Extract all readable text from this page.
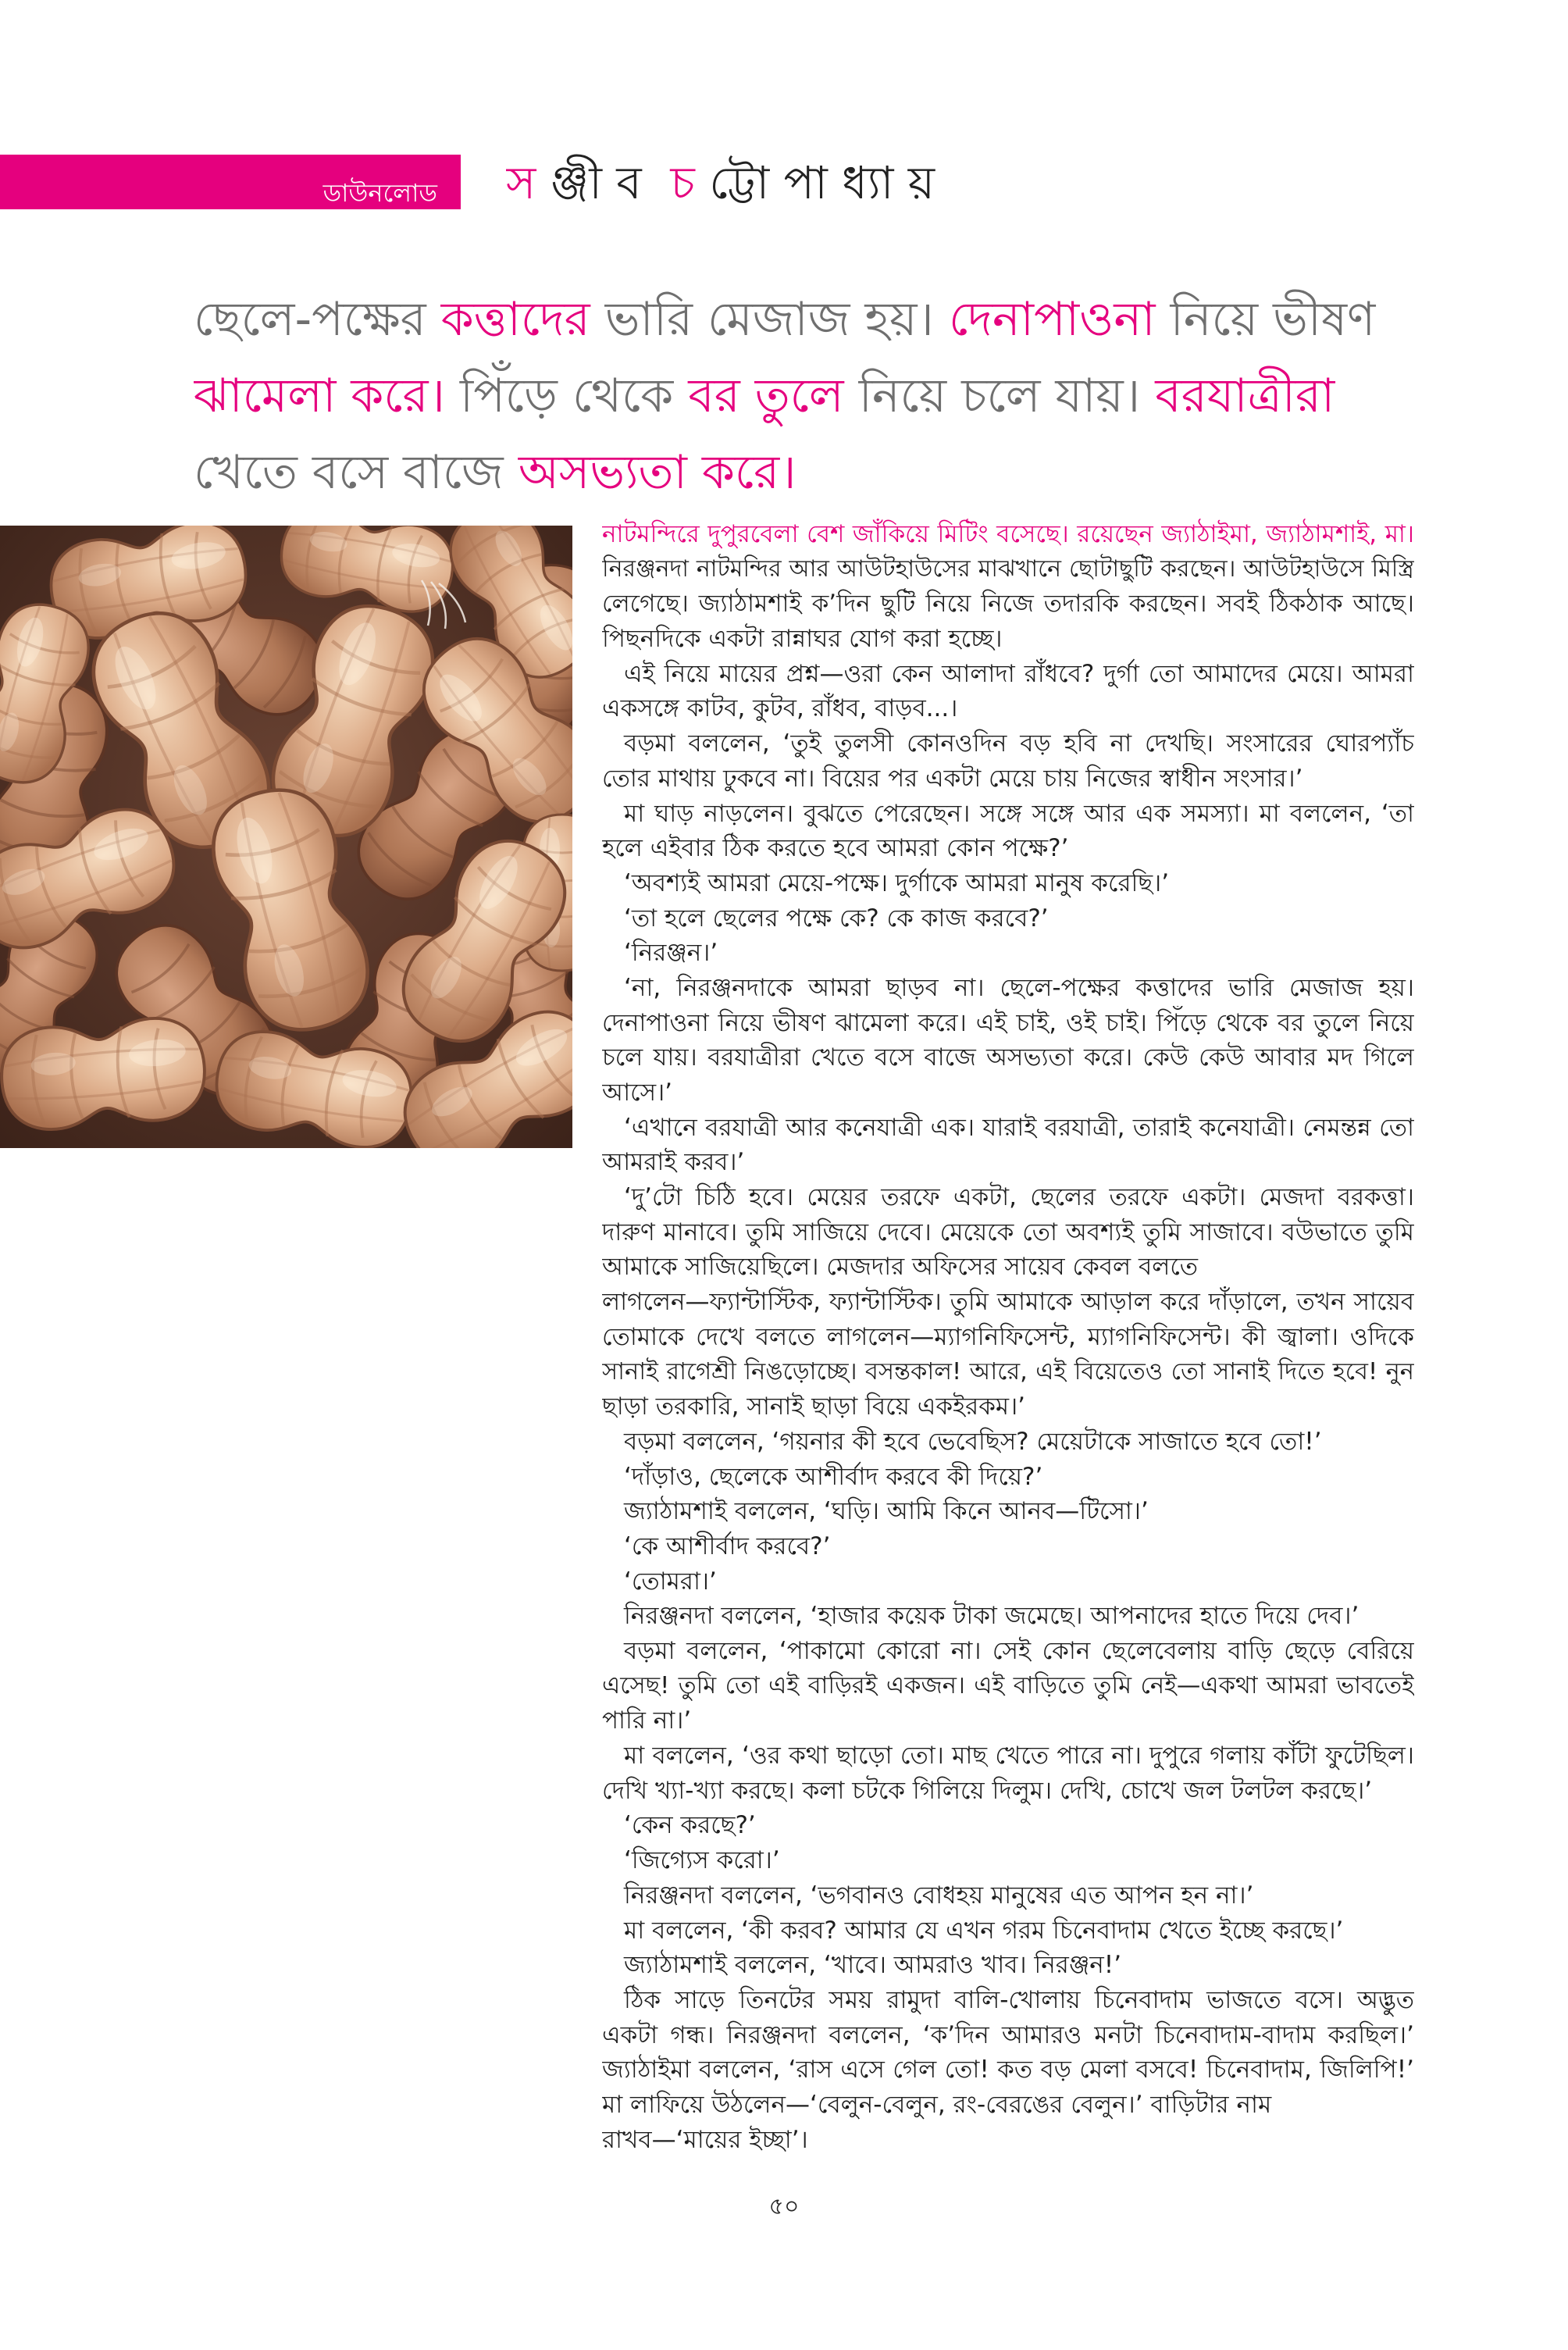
ডাউনলোড স ঞ্জী ব  চ ট্টো পা ধ্যা য়
ছেলে-পক্ষের কত্তাদের ভারি মেজাজ হয়। দেনাপাওনা নিয়ে ভীষণ
ঝামেলা করে। পিঁড়ে থেকে বর তুলে নিয়ে চলে যায়। বরযাত্রীরা
খেতে বসে বাজে অসভ্যতা করে।
নাটমন্দিরে দুপুরবেলা বেশ জাঁকিয়ে মিটিং বসেছে। রয়েছেন জ্যাঠাইমা, জ্যাঠামশাই, মা।
নিরঞ্জনদা নাটমন্দির আর আউটহাউসের মাঝখানে ছোটাছুটি করছেন। আউটহাউসে মিস্ত্রি
লেগেছে। জ্যাঠামশাই ক’দিন ছুটি নিয়ে নিজে তদারকি করছেন। সবই ঠিকঠাক আছে।
পিছনদিকে একটা রান্নাঘর যোগ করা হচ্ছে।
এই নিয়ে মায়ের প্রশ্ন—ওরা কেন আলাদা রাঁধবে? দুর্গা তো আমাদের মেয়ে। আমরা
একসঙ্গে কাটব, কুটব, রাঁধব, বাড়ব...।
বড়মা বললেন, ‘তুই তুলসী কোনওদিন বড় হবি না দেখছি। সংসারের ঘোরপ্যাঁচ
তোর মাথায় ঢুকবে না। বিয়ের পর একটা মেয়ে চায় নিজের স্বাধীন সংসার।’
মা ঘাড় নাড়লেন। বুঝতে পেরেছেন। সঙ্গে সঙ্গে আর এক সমস্যা। মা বললেন, ‘তা
হলে এইবার ঠিক করতে হবে আমরা কোন পক্ষে?’
‘অবশ্যই আমরা মেয়ে-পক্ষে। দুর্গাকে আমরা মানুষ করেছি।’
‘তা হলে ছেলের পক্ষে কে? কে কাজ করবে?’
‘নিরঞ্জন।’
‘না, নিরঞ্জনদাকে আমরা ছাড়ব না। ছেলে-পক্ষের কত্তাদের ভারি মেজাজ হয়।
দেনাপাওনা নিয়ে ভীষণ ঝামেলা করে। এই চাই, ওই চাই। পিঁড়ে থেকে বর তুলে নিয়ে
চলে যায়। বরযাত্রীরা খেতে বসে বাজে অসভ্যতা করে। কেউ কেউ আবার মদ গিলে
আসে।’
‘এখানে বরযাত্রী আর কনেযাত্রী এক। যারাই বরযাত্রী, তারাই কনেযাত্রী। নেমন্তন্ন তো
আমরাই করব।’
‘দু’টো চিঠি হবে। মেয়ের তরফে একটা, ছেলের তরফে একটা। মেজদা বরকত্তা।
দারুণ মানাবে। তুমি সাজিয়ে দেবে। মেয়েকে তো অবশ্যই তুমি সাজাবে। বউভাতে তুমি
আমাকে সাজিয়েছিলে। মেজদার অফিসের সায়েব কেবল বলতে
লাগলেন—ফ্যান্টাস্টিক, ফ্যান্টাস্টিক। তুমি আমাকে আড়াল করে দাঁড়ালে, তখন সায়েব
তোমাকে দেখে বলতে লাগলেন—ম্যাগনিফিসেন্ট, ম্যাগনিফিসেন্ট। কী জ্বালা। ওদিকে
সানাই রাগেশ্রী নিঙড়োচ্ছে। বসন্তকাল! আরে, এই বিয়েতেও তো সানাই দিতে হবে! নুন
ছাড়া তরকারি, সানাই ছাড়া বিয়ে একইরকম।’
বড়মা বললেন, ‘গয়নার কী হবে ভেবেছিস? মেয়েটাকে সাজাতে হবে তো!’
‘দাঁড়াও, ছেলেকে আশীর্বাদ করবে কী দিয়ে?’
জ্যাঠামশাই বললেন, ‘ঘড়ি। আমি কিনে আনব—টিসো।’
‘কে আশীর্বাদ করবে?’
‘তোমরা।’
নিরঞ্জনদা বললেন, ‘হাজার কয়েক টাকা জমেছে। আপনাদের হাতে দিয়ে দেব।’
বড়মা বললেন, ‘পাকামো কোরো না। সেই কোন ছেলেবেলায় বাড়ি ছেড়ে বেরিয়ে
এসেছ! তুমি তো এই বাড়িরই একজন। এই বাড়িতে তুমি নেই—একথা আমরা ভাবতেই
পারি না।’
মা বললেন, ‘ওর কথা ছাড়ো তো। মাছ খেতে পারে না। দুপুরে গলায় কাঁটা ফুটেছিল।
দেখি খ্যা-খ্যা করছে। কলা চটকে গিলিয়ে দিলুম। দেখি, চোখে জল টলটল করছে।’
‘কেন করছে?’
‘জিগ্যেস করো।’
নিরঞ্জনদা বললেন, ‘ভগবানও বোধহয় মানুষের এত আপন হন না।’
মা বললেন, ‘কী করব? আমার যে এখন গরম চিনেবাদাম খেতে ইচ্ছে করছে।’
জ্যাঠামশাই বললেন, ‘খাবে। আমরাও খাব। নিরঞ্জন!’
ঠিক সাড়ে তিনটের সময় রামুদা বালি-খোলায় চিনেবাদাম ভাজতে বসে। অদ্ভুত
একটা গন্ধ। নিরঞ্জনদা বললেন, ‘ক’দিন আমারও মনটা চিনেবাদাম-বাদাম করছিল।’
জ্যাঠাইমা বললেন, ‘রাস এসে গেল তো! কত বড় মেলা বসবে! চিনেবাদাম, জিলিপি!’
মা লাফিয়ে উঠলেন—‘বেলুন-বেলুন, রং-বেরঙের বেলুন।’ বাড়িটার নাম
রাখব—‘মায়ের ইচ্ছা’।
৫০
